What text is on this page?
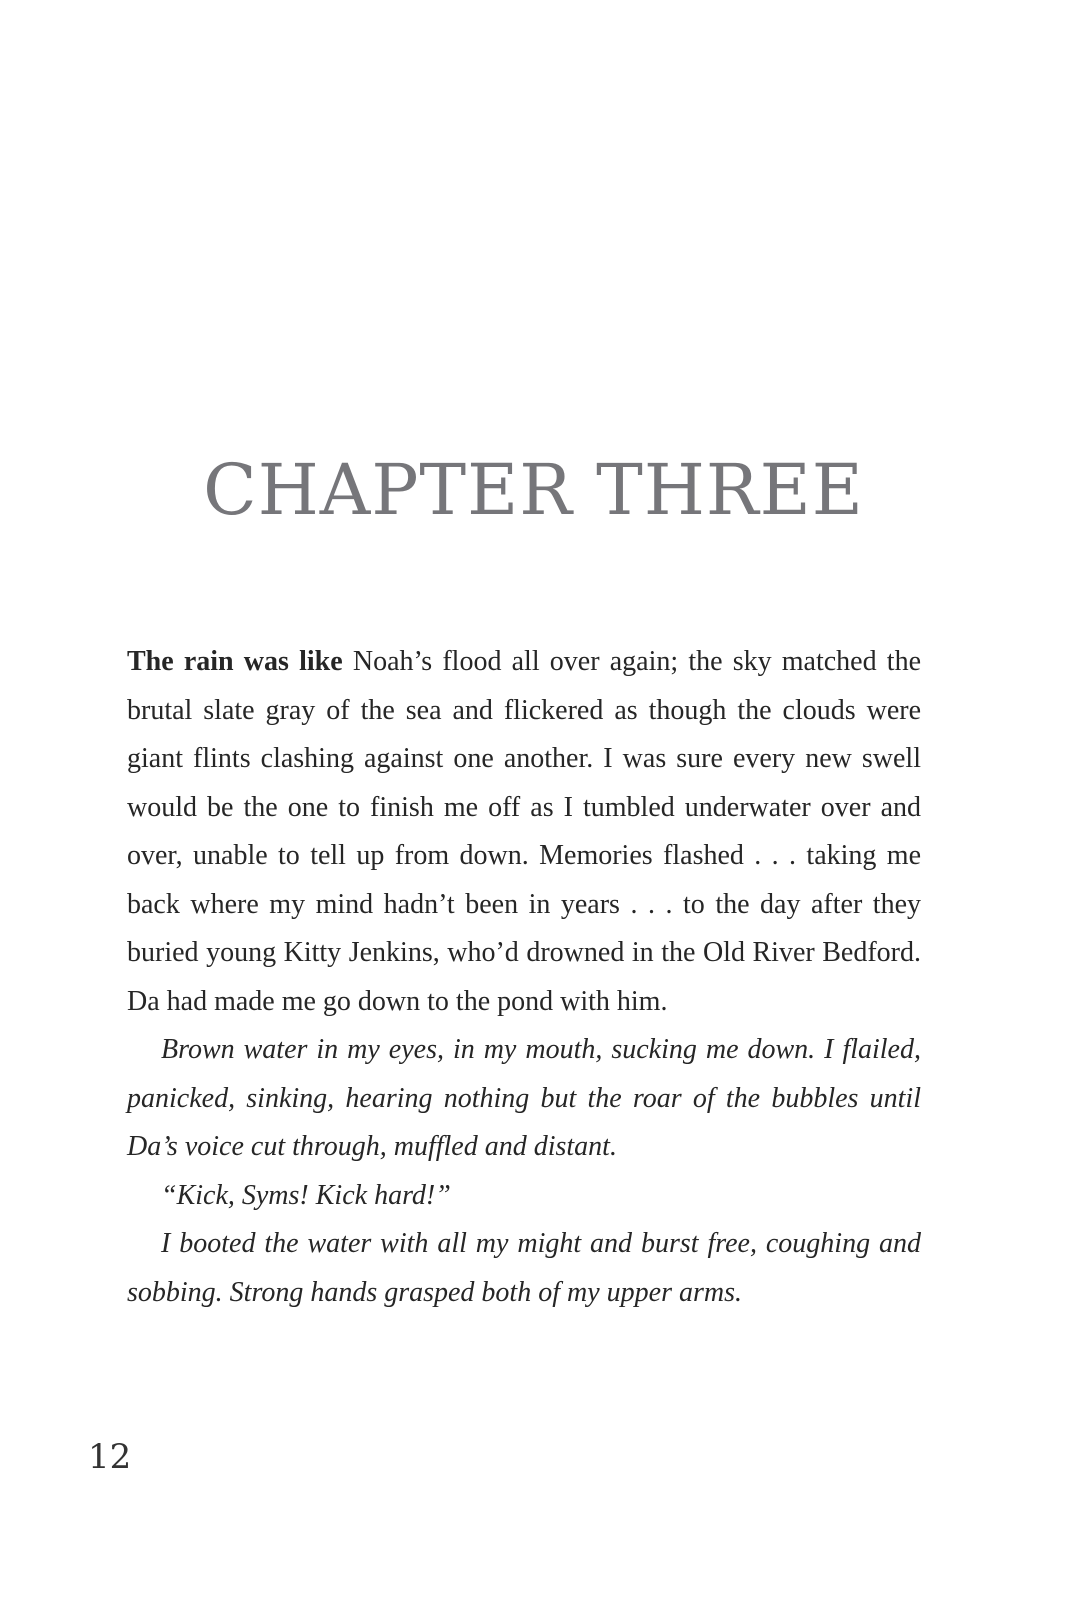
CHAPTER THREE

The rain was like Noah’s flood all over again; the sky matched the brutal slate gray of the sea and flickered as though the clouds were giant flints clashing against one another. I was sure every new swell would be the one to finish me off as I tumbled underwater over and over, unable to tell up from down. Memories flashed . . . taking me back where my mind hadn’t been in years . . . to the day after they buried young Kitty Jenkins, who’d drowned in the Old River Bedford. Da had made me go down to the pond with him.

Brown water in my eyes, in my mouth, sucking me down. I flailed, panicked, sinking, hearing nothing but the roar of the bubbles until Da’s voice cut through, muffled and distant.

“Kick, Syms! Kick hard!”

I booted the water with all my might and burst free, coughing and sobbing. Strong hands grasped both of my upper arms.

12
